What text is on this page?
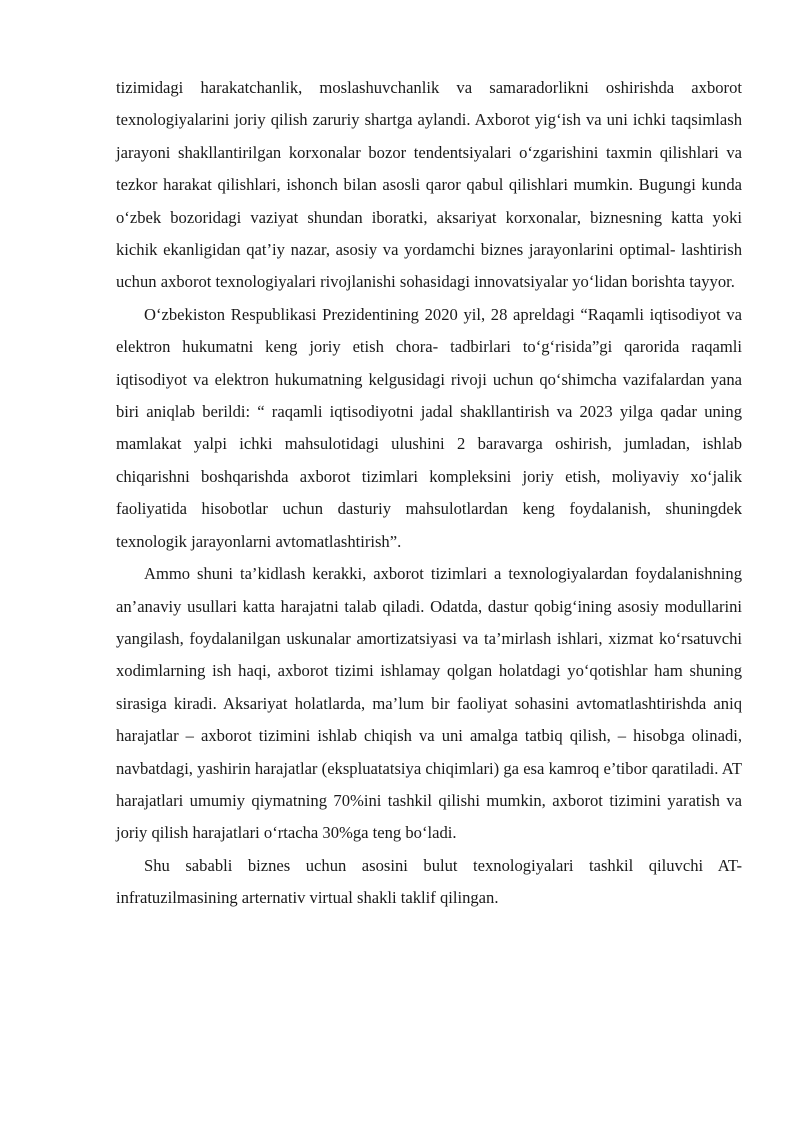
tizimidagi harakatchanlik, moslashuvchanlik va samaradorlikni oshirishda axborot texnologiyalarini joriy qilish zaruriy shartga aylandi. Axborot yig‘ish va uni ichki taqsimlash jarayoni shakllantirilgan korxonalar bozor tendentsiyalari o‘zgarishini taxmin qilishlari va tezkor harakat qilishlari, ishonch bilan asosli qaror qabul qilishlari mumkin. Bugungi kunda o‘zbek bozoridagi vaziyat shundan iboratki, aksariyat korxonalar, biznesning katta yoki kichik ekanligidan qat’iy nazar, asosiy va yordamchi biznes jarayonlarini optimal- lashtirish uchun axborot texnologiyalari rivojlanishi sohasidagi innovatsiyalar yo‘lidan borishta tayyor.

O‘zbekiston Respublikasi Prezidentining 2020 yil, 28 apreldagi “Raqamli iqtisodiyot va elektron hukumatni keng joriy etish chora- tadbirlari to‘g‘risida”gi qarorida raqamli iqtisodiyot va elektron hukumatning kelgusidagi rivoji uchun qo‘shimcha vazifalardan yana biri aniqlab berildi: “ raqamli iqtisodiyotni jadal shakllantirish va 2023 yilga qadar uning mamlakat yalpi ichki mahsulotidagi ulushini 2 baravarga oshirish, jumladan, ishlab chiqarishni boshqarishda axborot tizimlari kompleksini joriy etish, moliyaviy xo‘jalik faoliyatida hisobotlar uchun dasturiy mahsulotlardan keng foydalanish, shuningdek texnologik jarayonlarni avtomatlashtirish”.

Ammo shuni ta’kidlash kerakki, axborot tizimlari a texnologiyalardan foydalanishning an’anaviy usullari katta harajatni talab qiladi. Odatda, dastur qobig‘ining asosiy modullarini yangilash, foydalanilgan uskunalar amortizatsiyasi va ta’mirlash ishlari, xizmat ko‘rsatuvchi xodimlarning ish haqi, axborot tizimi ishlamay qolgan holatdagi yo‘qotishlar ham shuning sirasiga kiradi. Aksariyat holatlarda, ma’lum bir faoliyat sohasini avtomatlashtirishda aniq harajatlar – axborot tizimini ishlab chiqish va uni amalga tatbiq qilish, – hisobga olinadi, navbatdagi, yashirin harajatlar (ekspluatatsiya chiqimlari) ga esa kamroq e’tibor qaratiladi. AT harajatlari umumiy qiymatning 70%ini tashkil qilishi mumkin, axborot tizimini yaratish va joriy qilish harajatlari o‘rtacha 30%ga teng bo‘ladi.

Shu sababli biznes uchun asosini bulut texnologiyalari tashkil qiluvchi AT-infratuzilmasining arternativ virtual shakli taklif qilingan.
